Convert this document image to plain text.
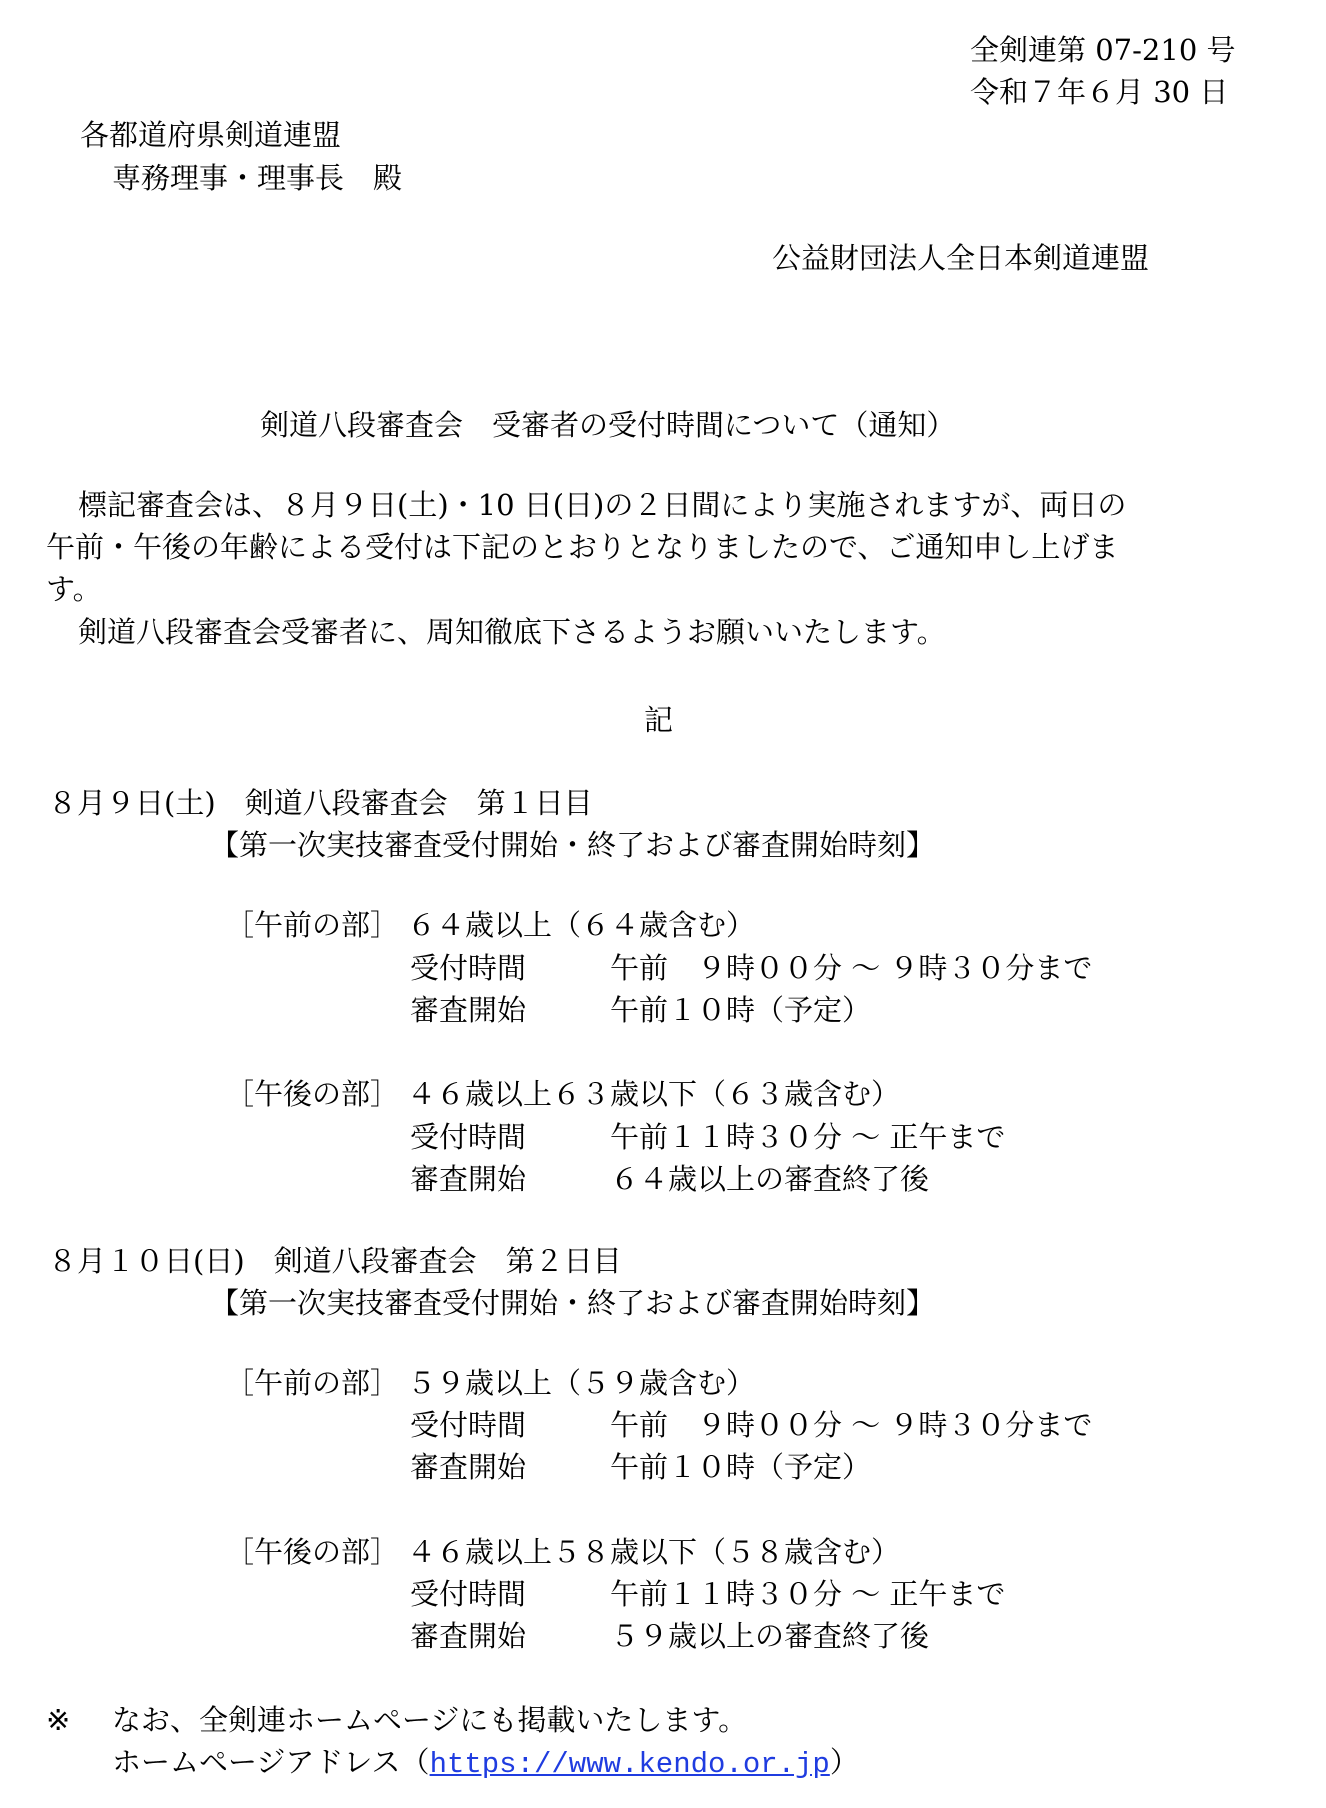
全剣連第 07-210 号
令和７年６月 30 日
各都道府県剣道連盟
専務理事・理事長　殿
公益財団法人全日本剣道連盟
剣道八段審査会　受審者の受付時間について（通知）
標記審査会は、８月９日(土)・10 日(日)の２日間により実施されますが、両日の
午前・午後の年齢による受付は下記のとおりとなりましたので、ご通知申し上げま
す。
剣道八段審査会受審者に、周知徹底下さるようお願いいたします。
記
８月９日(土)　剣道八段審査会　第１日目
【第一次実技審査受付開始・終了および審査開始時刻】
［午前の部］ ６４歳以上（６４歳含む）
受付時間	午前　９時００分 ～ ９時３０分まで
審査開始	午前１０時（予定）
［午後の部］ ４６歳以上６３歳以下（６３歳含む）
受付時間	午前１１時３０分 ～ 正午まで
審査開始	６４歳以上の審査終了後
８月１０日(日)　剣道八段審査会　第２日目
【第一次実技審査受付開始・終了および審査開始時刻】
［午前の部］ ５９歳以上（５９歳含む）
受付時間	午前　９時００分 ～ ９時３０分まで
審査開始	午前１０時（予定）
［午後の部］ ４６歳以上５８歳以下（５８歳含む）
受付時間	午前１１時３０分 ～ 正午まで
審査開始	５９歳以上の審査終了後
※ なお、全剣連ホームページにも掲載いたします。
ホームページアドレス（https://www.kendo.or.jp）
